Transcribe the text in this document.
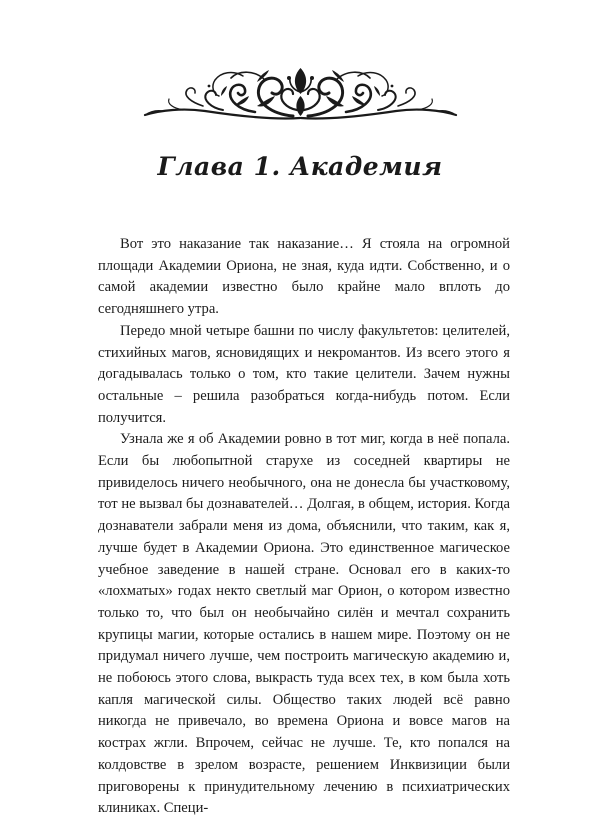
Глава 1. Академия

Вот это наказание так наказание… Я стояла на огромной площади Академии Ориона, не зная, куда идти. Собственно, и о самой академии известно было крайне мало вплоть до сегодняшнего утра.

Передо мной четыре башни по числу факультетов: целителей, стихийных магов, ясновидящих и некромантов. Из всего этого я догадывалась только о том, кто такие целители. Зачем нужны остальные – решила разобраться когда-нибудь потом. Если получится.

Узнала же я об Академии ровно в тот миг, когда в неё попала. Если бы любопытной старухе из соседней квартиры не привиделось ничего необычного, она не донесла бы участковому, тот не вызвал бы дознавателей… Долгая, в общем, история. Когда дознаватели забрали меня из дома, объяснили, что таким, как я, лучше будет в Академии Ориона. Это единственное магическое учебное заведение в нашей стране. Основал его в каких-то «лохматых» годах некто светлый маг Орион, о котором известно только то, что был он необычайно силён и мечтал сохранить крупицы магии, которые остались в нашем мире. Поэтому он не придумал ничего лучше, чем построить магическую академию и, не побоюсь этого слова, выкрасть туда всех тех, в ком была хоть капля магической силы. Общество таких людей всё равно никогда не привечало, во времена Ориона и вовсе магов на кострах жгли. Впрочем, сейчас не лучше. Те, кто попался на колдовстве в зрелом возрасте, решением Инквизиции были приговорены к принудительному лечению в психиатрических клиниках. Специ-
